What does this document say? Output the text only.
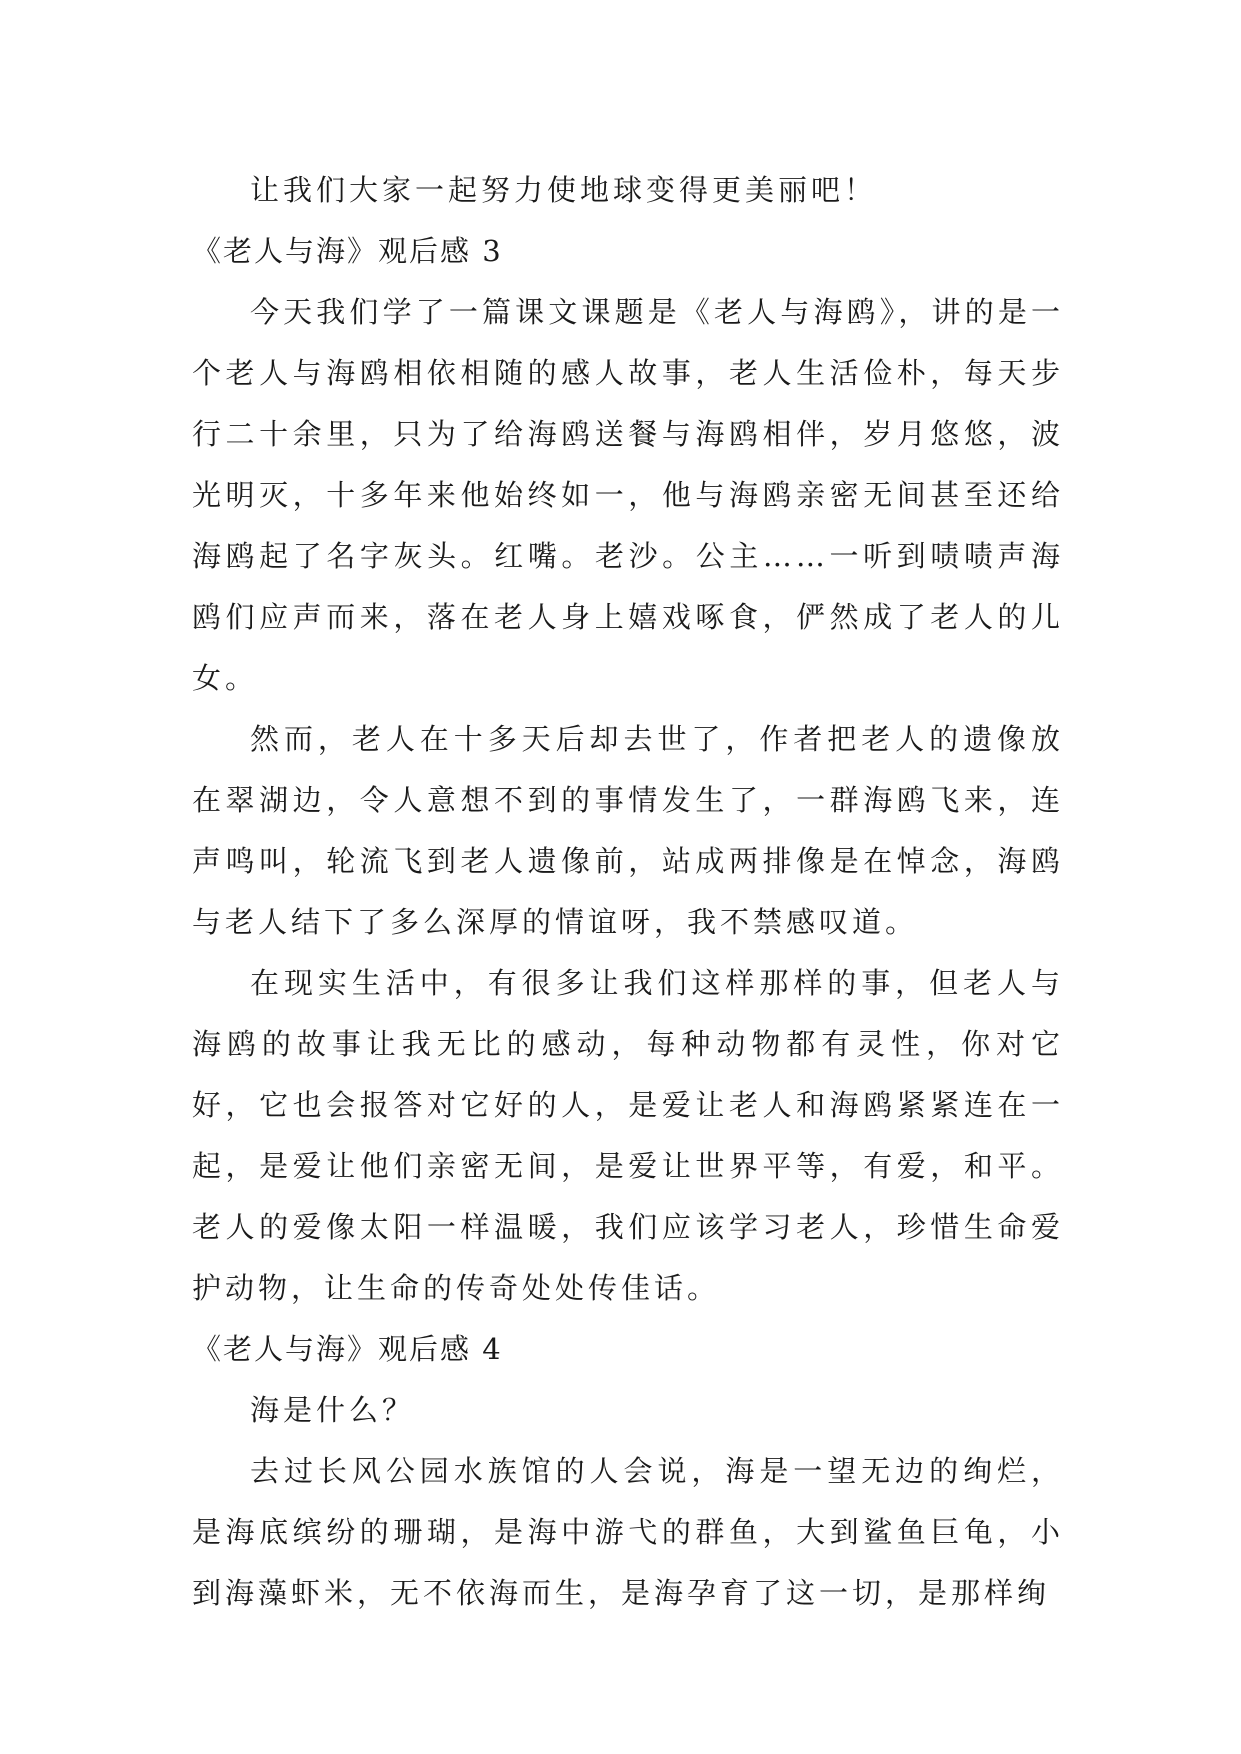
让我们大家一起努力使地球变得更美丽吧！

《老人与海》观后感 3

今天我们学了一篇课文课题是《老人与海鸥》，讲的是一个老人与海鸥相依相随的感人故事，老人生活俭朴，每天步行二十余里，只为了给海鸥送餐与海鸥相伴，岁月悠悠，波光明灭，十多年来他始终如一，他与海鸥亲密无间甚至还给海鸥起了名字灰头。红嘴。老沙。公主……一听到啧啧声海鸥们应声而来，落在老人身上嬉戏啄食，俨然成了老人的儿女。

然而，老人在十多天后却去世了，作者把老人的遗像放在翠湖边，令人意想不到的事情发生了，一群海鸥飞来，连声鸣叫，轮流飞到老人遗像前，站成两排像是在悼念，海鸥与老人结下了多么深厚的情谊呀，我不禁感叹道。

在现实生活中，有很多让我们这样那样的事，但老人与海鸥的故事让我无比的感动，每种动物都有灵性，你对它好，它也会报答对它好的人，是爱让老人和海鸥紧紧连在一起，是爱让他们亲密无间，是爱让世界平等，有爱，和平。老人的爱像太阳一样温暖，我们应该学习老人，珍惜生命爱护动物，让生命的传奇处处传佳话。

《老人与海》观后感 4

海是什么？

去过长风公园水族馆的人会说，海是一望无边的绚烂，是海底缤纷的珊瑚，是海中游弋的群鱼，大到鲨鱼巨龟，小到海藻虾米，无不依海而生，是海孕育了这一切，是那样绚
